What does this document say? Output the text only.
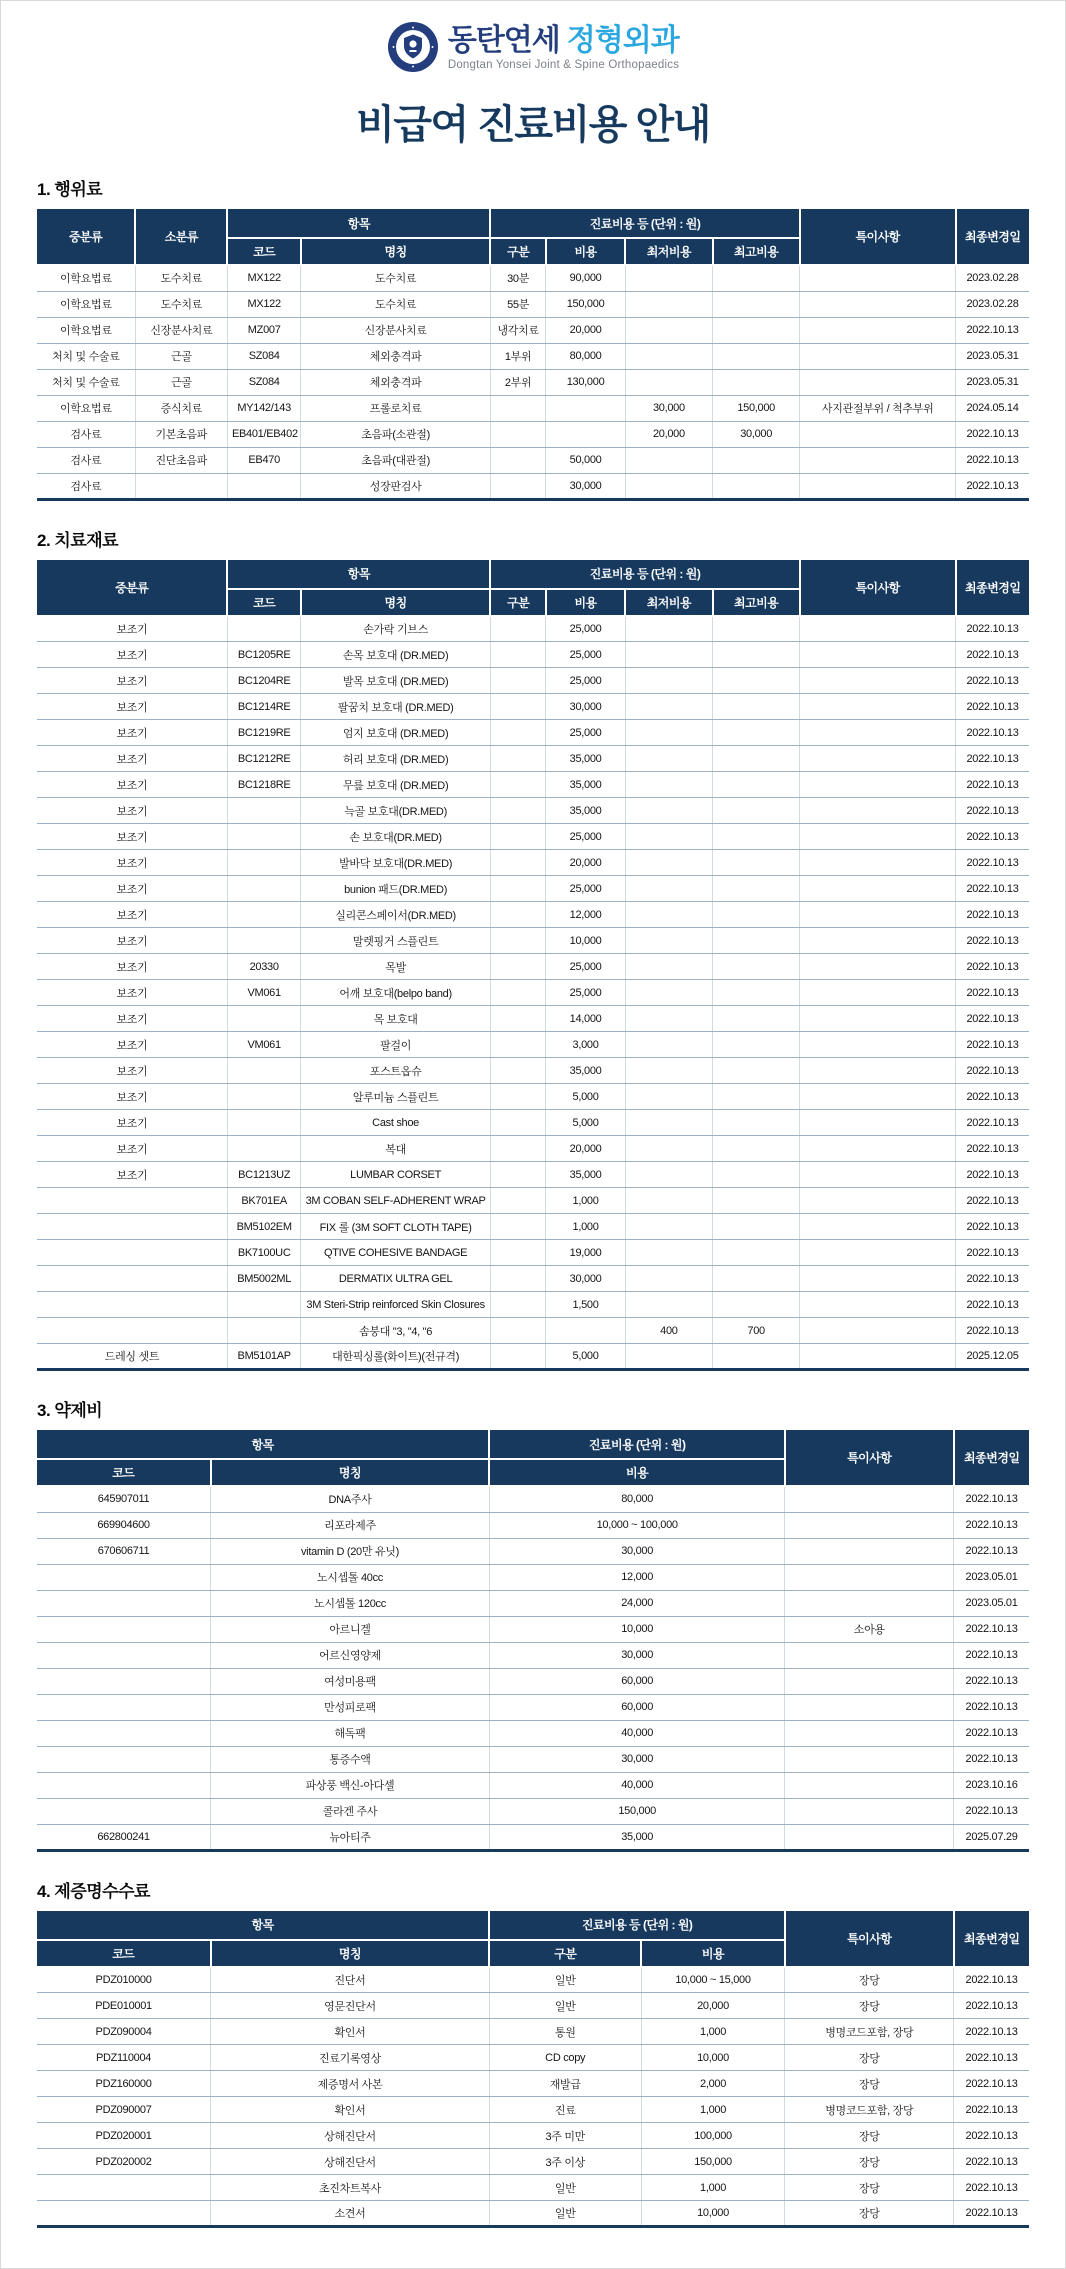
동탄연세 정형외과
Dongtan Yonsei Joint & Spine Orthopaedics
비급여 진료비용 안내
1. 행위료
중분류	소분류	항목		진료비용 등 (단위 : 원)				특이사항	최종변경일
		코드	명칭	구분	비용	최저비용	최고비용		
이학요법료	도수치료	MX122	도수치료	30분	90,000				2023.02.28
이학요법료	도수치료	MX122	도수치료	55분	150,000				2023.02.28
이학요법료	신장분사치료	MZ007	신장분사치료	냉각치료	20,000				2022.10.13
처치 및 수술료	근골	SZ084	체외충격파	1부위	80,000				2023.05.31
처치 및 수술료	근골	SZ084	체외충격파	2부위	130,000				2023.05.31
이학요법료	증식치료	MY142/143	프롤로치료			30,000	150,000	사지관절부위 / 척추부위	2024.05.14
검사료	기본초음파	EB401/EB402	초음파(소관절)			20,000	30,000		2022.10.13
검사료	진단초음파	EB470	초음파(대관절)		50,000				2022.10.13
검사료			성장판검사		30,000				2022.10.13
2. 치료재료
중분류	항목		진료비용 등 (단위 : 원)				특이사항	최종변경일
	코드	명칭	구분	비용	최저비용	최고비용		
보조기		손가락 기브스		25,000				2022.10.13
보조기	BC1205RE	손목 보호대 (DR.MED)		25,000				2022.10.13
보조기	BC1204RE	발목 보호대 (DR.MED)		25,000				2022.10.13
보조기	BC1214RE	팔꿈치 보호대 (DR.MED)		30,000				2022.10.13
보조기	BC1219RE	엄지 보호대 (DR.MED)		25,000				2022.10.13
보조기	BC1212RE	허리 보호대 (DR.MED)		35,000				2022.10.13
보조기	BC1218RE	무릎 보호대 (DR.MED)		35,000				2022.10.13
보조기		늑골 보호대(DR.MED)		35,000				2022.10.13
보조기		손 보호대(DR.MED)		25,000				2022.10.13
보조기		발바닥 보호대(DR.MED)		20,000				2022.10.13
보조기		bunion 패드(DR.MED)		25,000				2022.10.13
보조기		실리콘스페이서(DR.MED)		12,000				2022.10.13
보조기		말렛핑거 스플린트		10,000				2022.10.13
보조기	20330	목발		25,000				2022.10.13
보조기	VM061	어깨 보호대(belpo band)		25,000				2022.10.13
보조기		목 보호대		14,000				2022.10.13
보조기	VM061	팔걸이		3,000				2022.10.13
보조기		포스트옵슈		35,000				2022.10.13
보조기		알루미늄 스플린트		5,000				2022.10.13
보조기		Cast shoe		5,000				2022.10.13
보조기		복대		20,000				2022.10.13
보조기	BC1213UZ	LUMBAR CORSET		35,000				2022.10.13
	BK701EA	3M COBAN SELF-ADHERENT WRAP		1,000				2022.10.13
	BM5102EM	FIX 롤 (3M SOFT CLOTH TAPE)		1,000				2022.10.13
	BK7100UC	QTIVE COHESIVE BANDAGE		19,000				2022.10.13
	BM5002ML	DERMATIX ULTRA GEL		30,000				2022.10.13
		3M Steri-Strip reinforced Skin Closures		1,500				2022.10.13
		솜붕대 "3, "4, "6			400	700		2022.10.13
드레싱 셋트	BM5101AP	대한픽싱롤(화이트)(전규격)		5,000				2025.12.05
3. 약제비
항목		진료비용 (단위 : 원)	특이사항	최종변경일
코드	명칭	비용		
645907011	DNA주사	80,000		2022.10.13
669904600	리포라제주	10,000 ~ 100,000		2022.10.13
670606711	vitamin D (20만 유닛)	30,000		2022.10.13
	노시셉톨 40cc	12,000		2023.05.01
	노시셉톨 120cc	24,000		2023.05.01
	아르니겔	10,000	소아용	2022.10.13
	어르신영양제	30,000		2022.10.13
	여성미용팩	60,000		2022.10.13
	만성피로팩	60,000		2022.10.13
	해독팩	40,000		2022.10.13
	통증수액	30,000		2022.10.13
	파상풍 백신-아다셀	40,000		2023.10.16
	콜라겐 주사	150,000		2022.10.13
662800241	뉴아티주	35,000		2025.07.29
4. 제증명수수료
항목		진료비용 등 (단위 : 원)		특이사항	최종변경일
코드	명칭	구분	비용		
PDZ010000	진단서	일반	10,000 ~ 15,000	장당	2022.10.13
PDE010001	영문진단서	일반	20,000	장당	2022.10.13
PDZ090004	확인서	통원	1,000	병명코드포함, 장당	2022.10.13
PDZ110004	진료기록영상	CD copy	10,000	장당	2022.10.13
PDZ160000	제증명서 사본	재발급	2,000	장당	2022.10.13
PDZ090007	확인서	진료	1,000	병명코드포함, 장당	2022.10.13
PDZ020001	상해진단서	3주 미만	100,000	장당	2022.10.13
PDZ020002	상해진단서	3주 이상	150,000	장당	2022.10.13
	초진차트복사	일반	1,000	장당	2022.10.13
	소견서	일반	10,000	장당	2022.10.13
